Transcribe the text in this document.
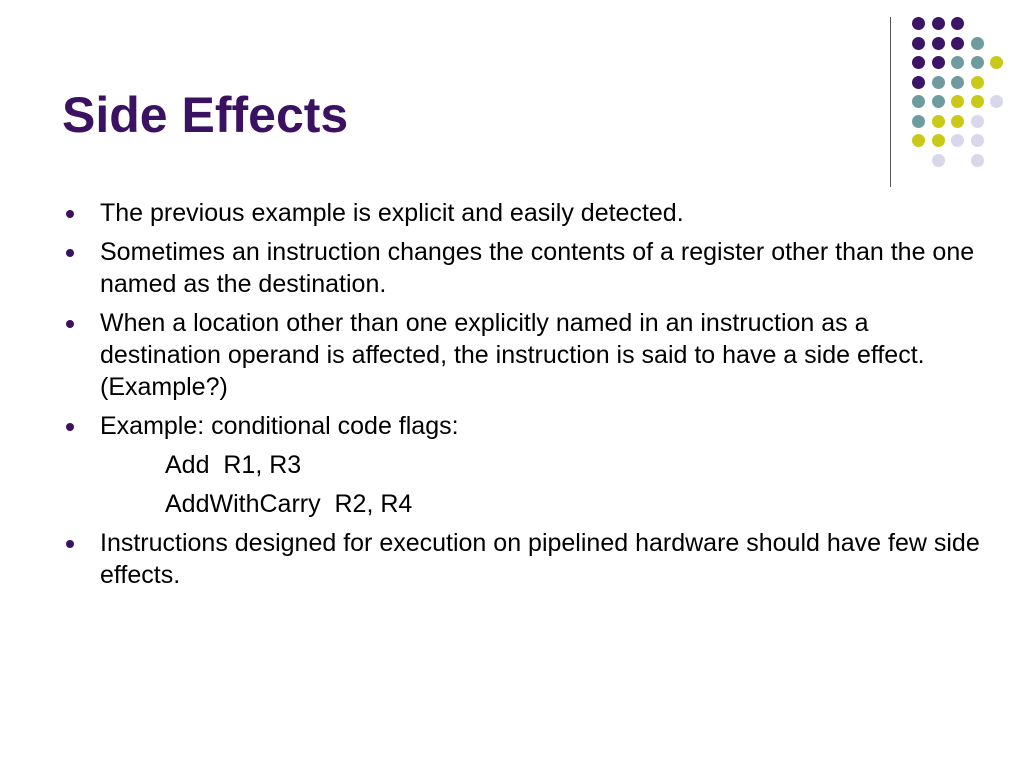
Side Effects
The previous example is explicit and easily detected.
Sometimes an instruction changes the contents of a register other than the one named as the destination.
When a location other than one explicitly named in an instruction as a destination operand is affected, the instruction is said to have a side effect. (Example?)
Example: conditional code flags:
Add  R1, R3
AddWithCarry  R2, R4
Instructions designed for execution on pipelined hardware should have few side effects.
